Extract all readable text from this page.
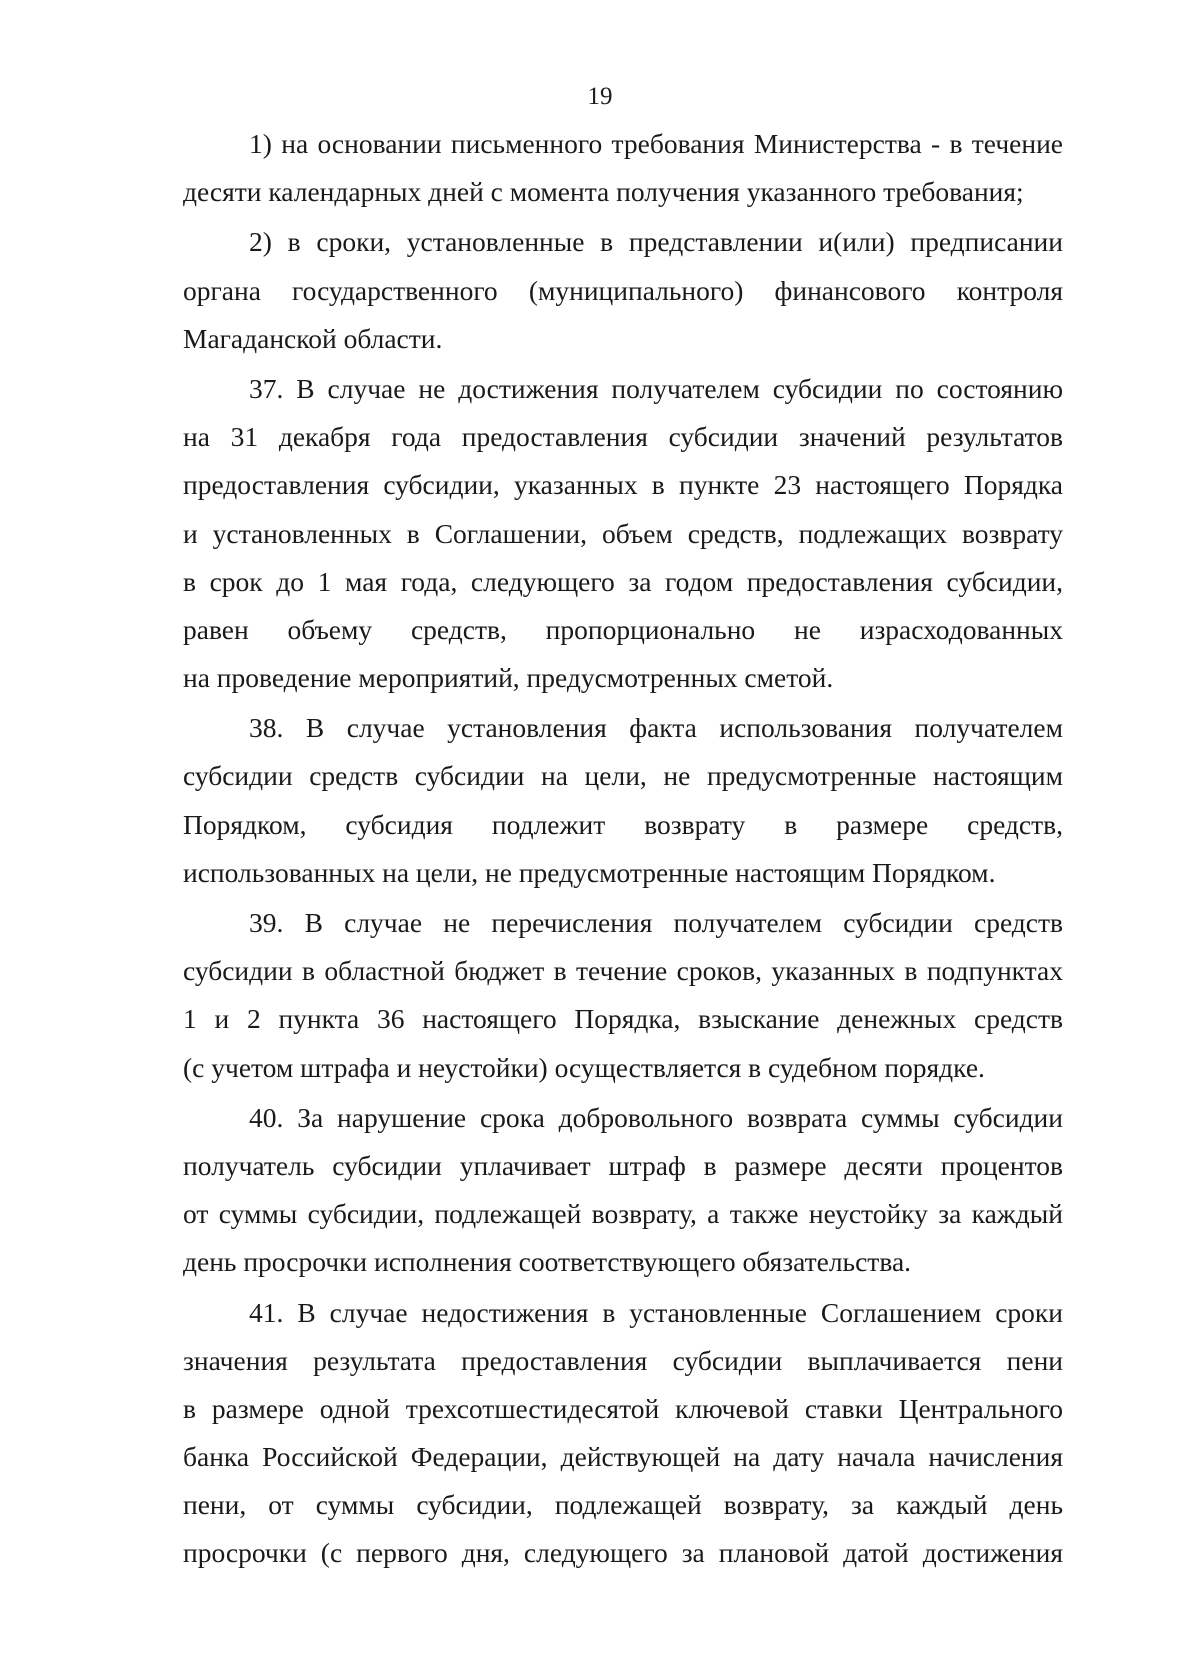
19

1) на основании письменного требования Министерства - в течение
десяти календарных дней с момента получения указанного требования;

2) в сроки, установленные в представлении и(или) предписании
органа государственного (муниципального) финансового контроля
Магаданской области.

37. В случае не достижения получателем субсидии по состоянию
на 31 декабря года предоставления субсидии значений результатов
предоставления субсидии, указанных в пункте 23 настоящего Порядка
и установленных в Соглашении, объем средств, подлежащих возврату
в срок до 1 мая года, следующего за годом предоставления субсидии,
равен объему средств, пропорционально не израсходованных
на проведение мероприятий, предусмотренных сметой.

38. В случае установления факта использования получателем
субсидии средств субсидии на цели, не предусмотренные настоящим
Порядком, субсидия подлежит возврату в размере средств,
использованных на цели, не предусмотренные настоящим Порядком.

39. В случае не перечисления получателем субсидии средств
субсидии в областной бюджет в течение сроков, указанных в подпунктах
1 и 2 пункта 36 настоящего Порядка, взыскание денежных средств
(с учетом штрафа и неустойки) осуществляется в судебном порядке.

40. За нарушение срока добровольного возврата суммы субсидии
получатель субсидии уплачивает штраф в размере десяти процентов
от суммы субсидии, подлежащей возврату, а также неустойку за каждый
день просрочки исполнения соответствующего обязательства.

41. В случае недостижения в установленные Соглашением сроки
значения результата предоставления субсидии выплачивается пени
в размере одной трехсотшестидесятой ключевой ставки Центрального
банка Российской Федерации, действующей на дату начала начисления
пени, от суммы субсидии, подлежащей возврату, за каждый день
просрочки (с первого дня, следующего за плановой датой достижения
